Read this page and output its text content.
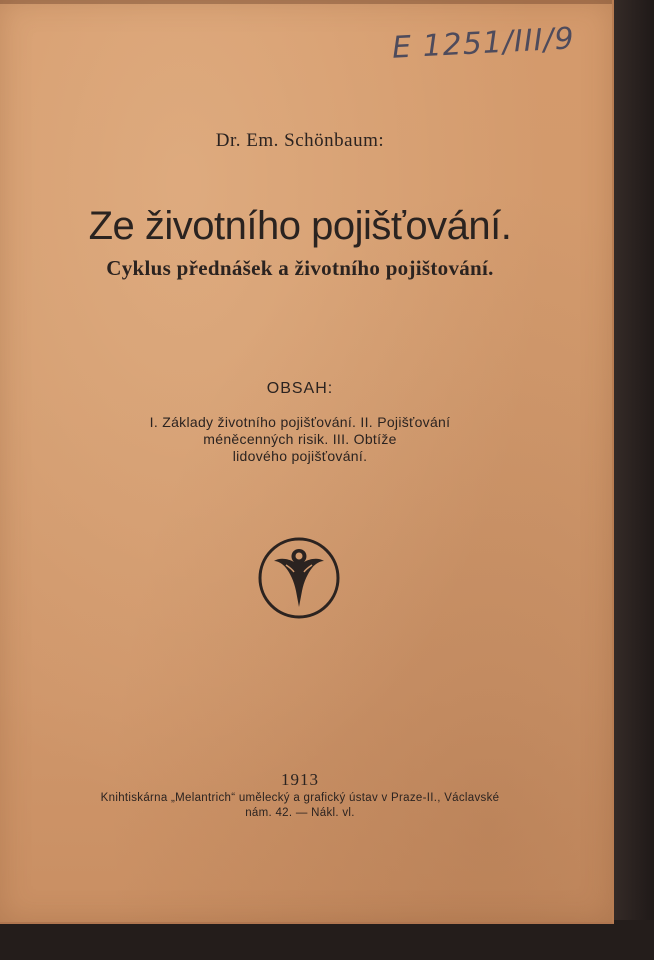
E 1251/III/9
Dr. Em. Schönbaum:
Ze životního pojišťování.
Cyklus přednášek a životního pojištování.
OBSAH:
I. Základy životního pojišťování. II. Pojišťování
méněcenných risik. III. Obtíže
lidového pojišťování.
1913
Knihtiskárna „Melantrich“ umělecký a grafický ústav v Praze-II., Václavské
nám. 42. — Nákl. vl.
